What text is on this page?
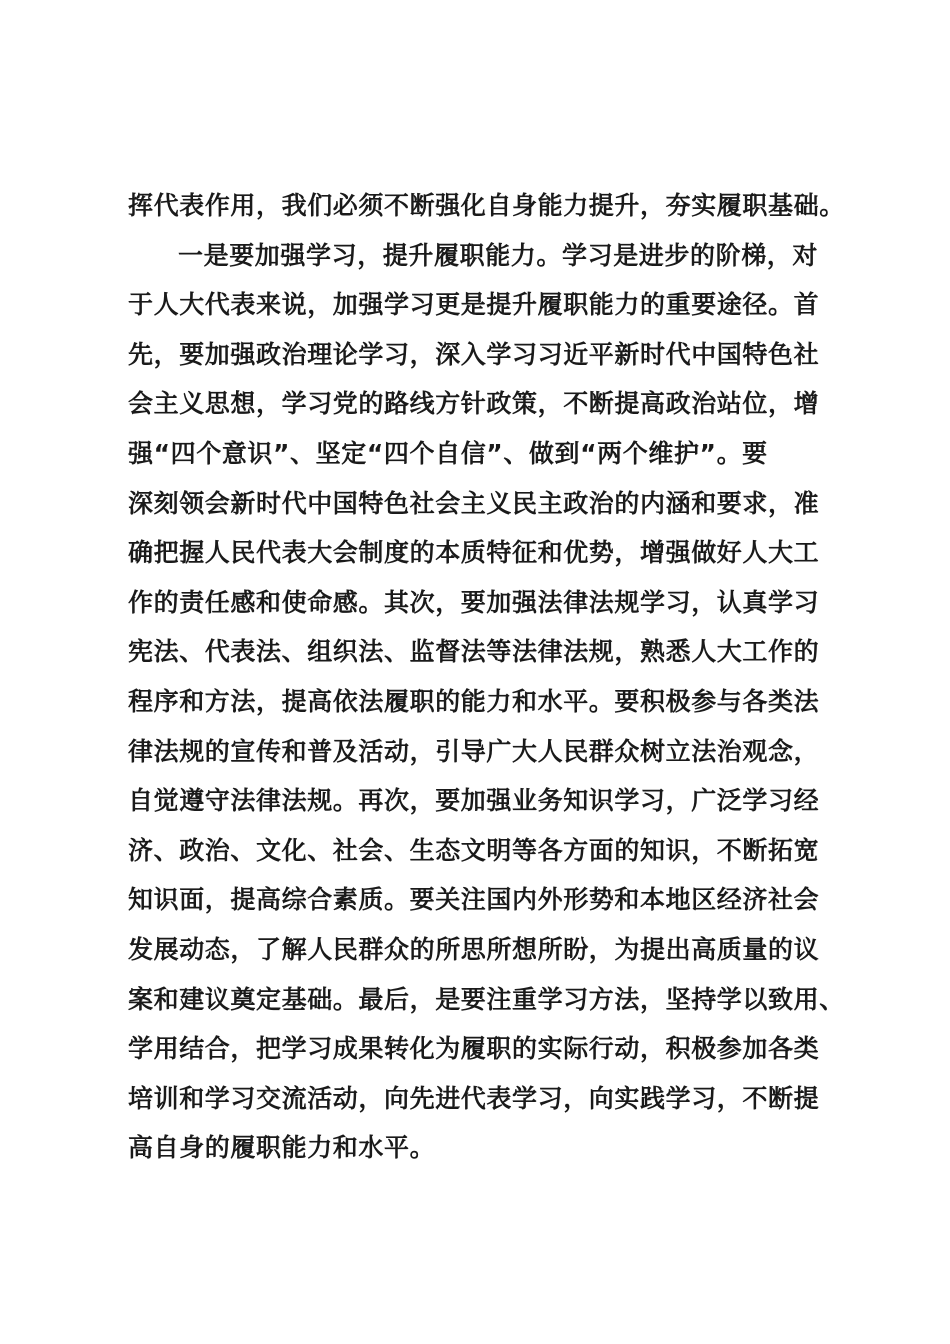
挥代表作用，我们必须不断强化自身能力提升，夯实履职基础。
一是要加强学习，提升履职能力。学习是进步的阶梯，对
于人大代表来说，加强学习更是提升履职能力的重要途径。首
先，要加强政治理论学习，深入学习习近平新时代中国特色社
会主义思想，学习党的路线方针政策，不断提高政治站位，增
强“四个意识”、坚定“四个自信”、做到“两个维护”。要
深刻领会新时代中国特色社会主义民主政治的内涵和要求，准
确把握人民代表大会制度的本质特征和优势，增强做好人大工
作的责任感和使命感。其次，要加强法律法规学习，认真学习
宪法、代表法、组织法、监督法等法律法规，熟悉人大工作的
程序和方法，提高依法履职的能力和水平。要积极参与各类法
律法规的宣传和普及活动，引导广大人民群众树立法治观念，
自觉遵守法律法规。再次，要加强业务知识学习，广泛学习经
济、政治、文化、社会、生态文明等各方面的知识，不断拓宽
知识面，提高综合素质。要关注国内外形势和本地区经济社会
发展动态，了解人民群众的所思所想所盼，为提出高质量的议
案和建议奠定基础。最后，是要注重学习方法，坚持学以致用、
学用结合，把学习成果转化为履职的实际行动，积极参加各类
培训和学习交流活动，向先进代表学习，向实践学习，不断提
高自身的履职能力和水平。
